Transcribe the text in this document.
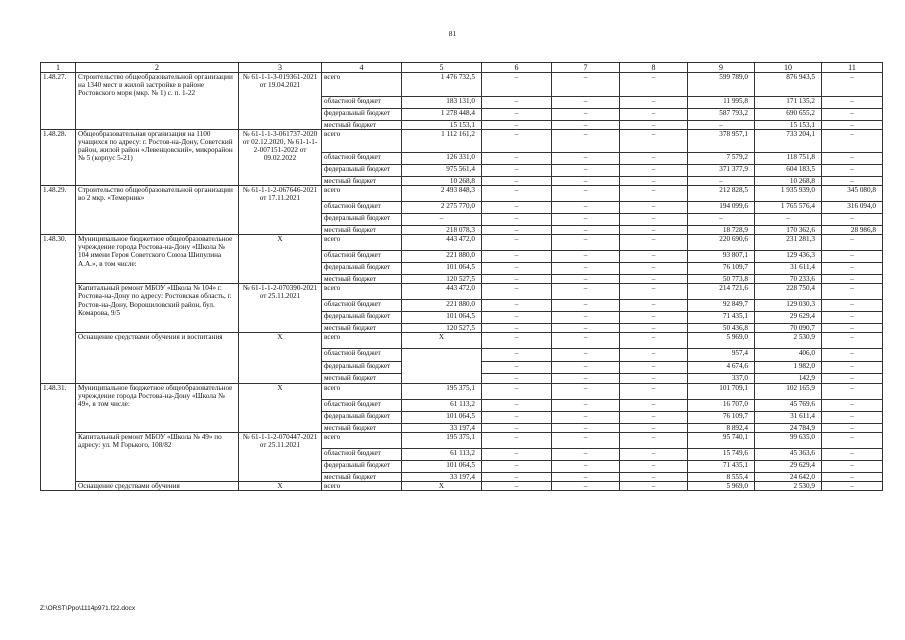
81
1	2	3	4	5	6	7	8	9	10	11
1.48.27.	Строительство общеобразовательной организации на 1340 мест в жилой застройке в районе Ростовского моря (мкр. № 1) с. п. 1-22	№ 61-1-1-3-019361-2021 от 19.04.2021	всего	1 476 732,5	–	–	–	599 789,0	876 943,5	–
			областной бюджет	183 131,0	–	–	–	11 995,8	171 135,2	–
			федеральный бюджет	1 278 448,4	–	–	–	587 793,2	690 655,2	–
			местный бюджет	15 153,1	–	–	–	–	15 153,1	–
1.48.28.	Общеобразовательная организация на 1100 учащихся по адресу: г. Ростов-на-Дону, Советский район, жилой район «Левенцовский», микрорайон № 5 (корпус 5-21)	№ 61-1-1-3-061737-2020 от 02.12.2020, № 61-1-1-2-007151-2022 от 09.02.2022	всего	1 112 161,2	–	–	–	378 957,1	733 204,1	–
			областной бюджет	126 331,0	–	–	–	7 579,2	118 751,8	–
			федеральный бюджет	975 561,4	–	–	–	371 377,9	604 183,5	–
			местный бюджет	10 268,8	–	–	–	–	10 268,8	–
1.48.29.	Строительство общеобразовательной организации во 2 мкр. «Темерник»	№ 61-1-1-2-067646-2021 от 17.11.2021	всего	2 493 848,3	–	–	–	212 828,5	1 935 939,0	345 080,8
			областной бюджет	2 275 770,0	–	–	–	194 099,6	1 765 576,4	316 094,0
			федеральный бюджет	–	–	–	–	–	–	–
			местный бюджет	218 078,3	–	–	–	18 728,9	170 362,6	28 986,8
1.48.30.	Муниципальное бюджетное общеобразовательное учреждение города Ростова-на-Дону «Школа № 104 имени Героя Советского Союза Шипулина А.А.», в том числе:	X	всего	443 472,0	–	–	–	220 690,6	231 281,3	–
			областной бюджет	221 880,0	–	–	–	93 807,1	129 436,3	–
			федеральный бюджет	101 064,5	–	–	–	76 109,7	31 611,4	–
			местный бюджет	120 527,5	–	–	–	50 773,8	70 233,6	–
	Капитальный ремонт МБОУ «Школа № 104» г. Ростова-на-Дону по адресу: Ростовская область, г. Ростов-на-Дону, Ворошиловский район, бул. Комарова, 9/5	№ 61-1-1-2-070390-2021 от 25.11.2021	всего	443 472,0	–	–	–	214 721,6	228 750,4	–
			областной бюджет	221 880,0	–	–	–	92 849,7	129 030,3	–
			федеральный бюджет	101 064,5	–	–	–	71 435,1	29 629,4	–
			местный бюджет	120 527,5	–	–	–	50 436,8	70 090,7	–
	Оснащение средствами обучения и воспитания	X	всего	X	–	–	–	5 969,0	2 530,9	–
			областной бюджет		–	–	–	957,4	406,0	–
			федеральный бюджет		–	–	–	4 674,6	1 982,0	–
			местный бюджет		–	–	–	337,0	142,9	–
1.48.31.	Муниципальное бюджетное общеобразовательное учреждение города Ростова-на-Дону «Школа № 49», в том числе:	X	всего	195 375,1	–	–	–	101 709,1	102 165,9	–
			областной бюджет	61 113,2	–	–	–	16 707,0	45 769,6	–
			федеральный бюджет	101 064,5	–	–	–	76 109,7	31 611,4	–
			местный бюджет	33 197,4	–	–	–	8 892,4	24 784,9	–
	Капитальный ремонт МБОУ «Школа № 49» по адресу: ул. М Горького, 108/82	№ 61-1-1-2-070447-2021 от 25.11.2021	всего	195 375,1	–	–	–	95 740,1	99 635,0	–
			областной бюджет	61 113,2	–	–	–	15 749,6	45 363,6	–
			федеральный бюджет	101 064,5	–	–	–	71 435,1	29 629,4	–
			местный бюджет	33 197,4	–	–	–	8 555,4	24 642,0	–
	Оснащение средствами обучения	X	всего	X	–	–	–	5 969,0	2 530,9	–
Z:\ORST\Ppo\1114p971.f22.docx
